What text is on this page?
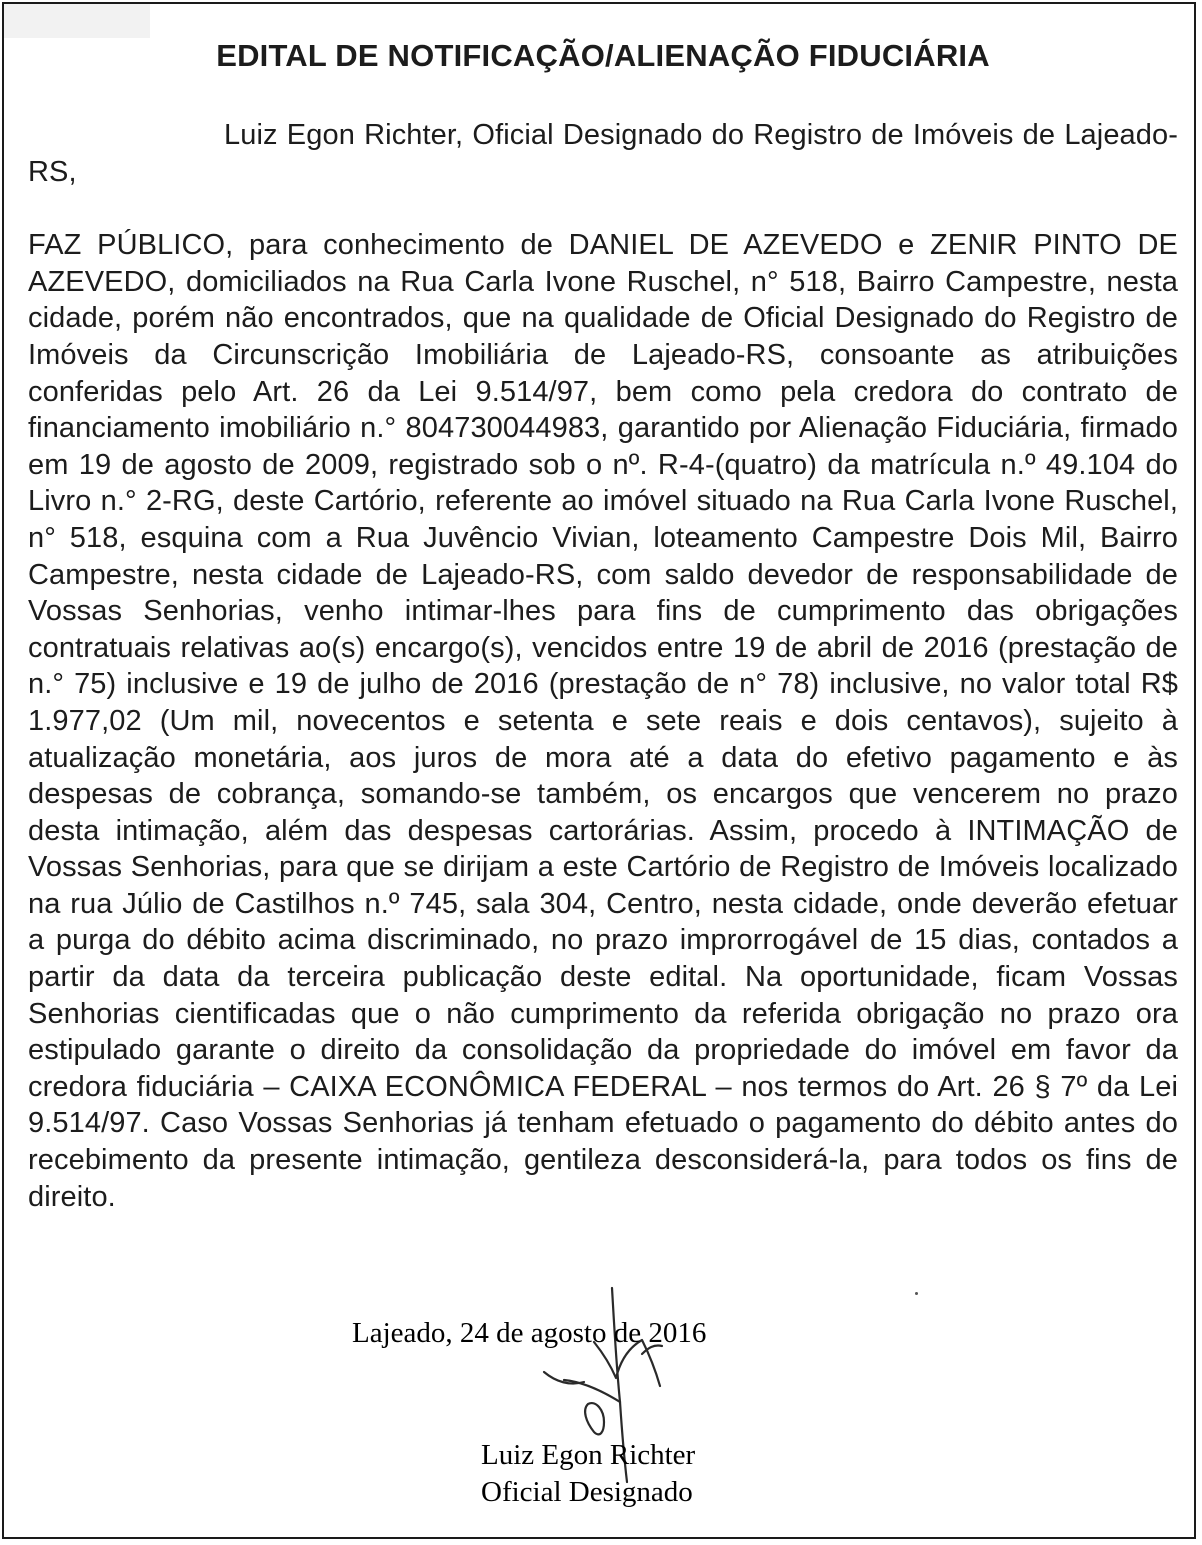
EDITAL DE NOTIFICAÇÃO/ALIENAÇÃO FIDUCIÁRIA

Luiz Egon Richter, Oficial Designado do Registro de Imóveis de Lajeado-RS,

FAZ PÚBLICO, para conhecimento de DANIEL DE AZEVEDO e ZENIR PINTO DE AZEVEDO, domiciliados na Rua Carla Ivone Ruschel, n° 518, Bairro Campestre, nesta cidade, porém não encontrados, que na qualidade de Oficial Designado do Registro de Imóveis da Circunscrição Imobiliária de Lajeado-RS, consoante as atribuições conferidas pelo Art. 26 da Lei 9.514/97, bem como pela credora do contrato de financiamento imobiliário n.° 804730044983, garantido por Alienação Fiduciária, firmado em 19 de agosto de 2009, registrado sob o nº. R-4-(quatro) da matrícula n.º 49.104 do Livro n.° 2-RG, deste Cartório, referente ao imóvel situado na Rua Carla Ivone Ruschel, n° 518, esquina com a Rua Juvêncio Vivian, loteamento Campestre Dois Mil, Bairro Campestre, nesta cidade de Lajeado-RS, com saldo devedor de responsabilidade de Vossas Senhorias, venho intimar-lhes para fins de cumprimento das obrigações contratuais relativas ao(s) encargo(s), vencidos entre 19 de abril de 2016 (prestação de n.° 75) inclusive e 19 de julho de 2016 (prestação de n° 78) inclusive, no valor total R$ 1.977,02 (Um mil, novecentos e setenta e sete reais e dois centavos), sujeito à atualização monetária, aos juros de mora até a data do efetivo pagamento e às despesas de cobrança, somando-se também, os encargos que vencerem no prazo desta intimação, além das despesas cartorárias. Assim, procedo à INTIMAÇÃO de Vossas Senhorias, para que se dirijam a este Cartório de Registro de Imóveis localizado na rua Júlio de Castilhos n.º 745, sala 304, Centro, nesta cidade, onde deverão efetuar a purga do débito acima discriminado, no prazo improrrogável de 15 dias, contados a partir da data da terceira publicação deste edital. Na oportunidade, ficam Vossas Senhorias cientificadas que o não cumprimento da referida obrigação no prazo ora estipulado garante o direito da consolidação da propriedade do imóvel em favor da credora fiduciária – CAIXA ECONÔMICA FEDERAL – nos termos do Art. 26 § 7º da Lei 9.514/97. Caso Vossas Senhorias já tenham efetuado o pagamento do débito antes do recebimento da presente intimação, gentileza desconsiderá-la, para todos os fins de direito.

Lajeado, 24 de agosto de 2016

Luiz Egon Richter
Oficial Designado
